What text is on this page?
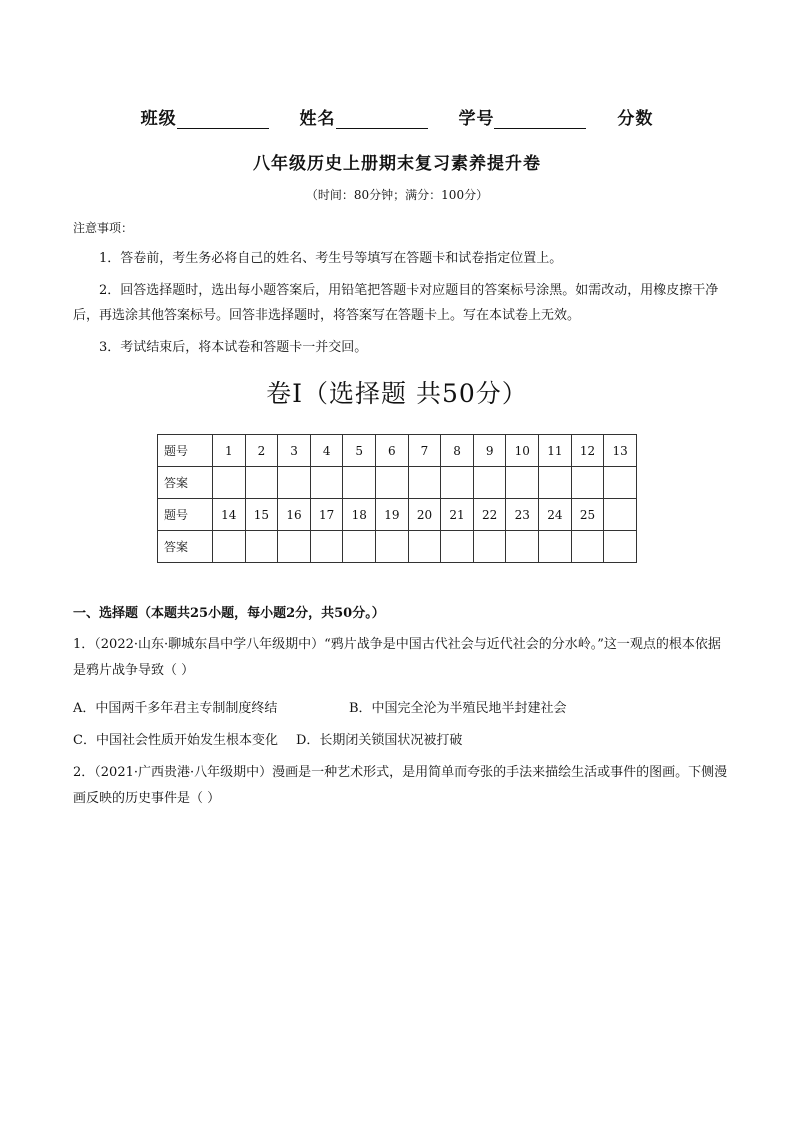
班级	姓名	学号	分数
八年级历史上册期末复习素养提升卷
（时间：80分钟；满分：100分）
注意事项：

1．答卷前，考生务必将自己的姓名、考生号等填写在答题卡和试卷指定位置上。

2．回答选择题时，选出每小题答案后，用铅笔把答题卡对应题目的答案标号涂黑。如需改动，用橡皮擦干净后，再选涂其他答案标号。回答非选择题时，将答案写在答题卡上。写在本试卷上无效。

3．考试结束后，将本试卷和答题卡一并交回。

卷Ⅰ（选择题 共50分）
题号	1	2	3	4	5	6	7	8	9	10	11	12	13
答案													
题号	14	15	16	17	18	19	20	21	22	23	24	25	
答案													
一、选择题（本题共25小题，每小题2分，共50分。）

1．（2022·山东·聊城东昌中学八年级期中）“鸦片战争是中国古代社会与近代社会的分水岭。”这一观点的根本依据是鸦片战争导致（ ）

A．中国两千多年君主专制制度终结	B．中国完全沦为半殖民地半封建社会
C．中国社会性质开始发生根本变化 D．长期闭关锁国状况被打破

2．（2021·广西贵港·八年级期中）漫画是一种艺术形式，是用简单而夸张的手法来描绘生活或事件的图画。下侧漫画反映的历史事件是（ ）
